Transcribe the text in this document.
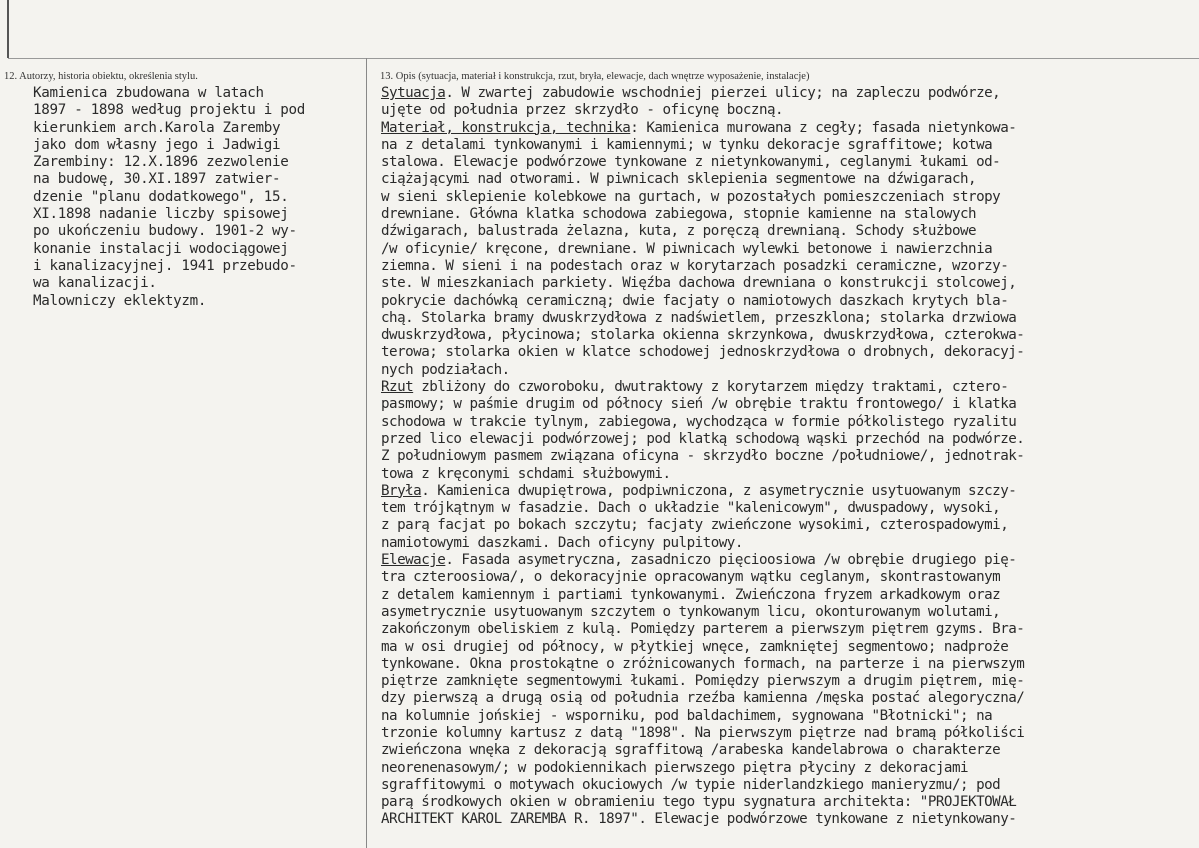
12. Autorzy, historia obiektu, określenia stylu.	13. Opis (sytuacja, materiał i konstrukcja, rzut, bryła, elewacje, dach wnętrze wyposażenie, instalacje)
Kamienica zbudowana w latach
1897 - 1898 według projektu i pod
kierunkiem arch.Karola Zaremby
jako dom własny jego i Jadwigi
Zarembiny: 12.X.1896 zezwolenie
na budowę, 30.XI.1897 zatwier-
dzenie "planu dodatkowego", 15.
XI.1898 nadanie liczby spisowej
po ukończeniu budowy. 1901-2 wy-
konanie instalacji wodociągowej
i kanalizacyjnej. 1941 przebudo-
wa kanalizacji.
Malowniczy eklektyzm.
Sytuacja. W zwartej zabudowie wschodniej pierzei ulicy; na zapleczu podwórze,
ujęte od południa przez skrzydło - oficynę boczną.
Materiał, konstrukcja, technika: Kamienica murowana z cegły; fasada nietynkowa-
na z detalami tynkowanymi i kamiennymi; w tynku dekoracje sgraffitowe; kotwa
stalowa. Elewacje podwórzowe tynkowane z nietynkowanymi, ceglanymi łukami od-
ciążającymi nad otworami. W piwnicach sklepienia segmentowe na dźwigarach,
w sieni sklepienie kolebkowe na gurtach, w pozostałych pomieszczeniach stropy
drewniane. Główna klatka schodowa zabiegowa, stopnie kamienne na stalowych
dźwigarach, balustrada żelazna, kuta, z poręczą drewnianą. Schody służbowe
/w oficynie/ kręcone, drewniane. W piwnicach wylewki betonowe i nawierzchnia
ziemna. W sieni i na podestach oraz w korytarzach posadzki ceramiczne, wzorzy-
ste. W mieszkaniach parkiety. Więźba dachowa drewniana o konstrukcji stolcowej,
pokrycie dachówką ceramiczną; dwie facjaty o namiotowych daszkach krytych bla-
chą. Stolarka bramy dwuskrzydłowa z nadświetlem, przeszklona; stolarka drzwiowa
dwuskrzydłowa, płycinowa; stolarka okienna skrzynkowa, dwuskrzydłowa, czterokwa-
terowa; stolarka okien w klatce schodowej jednoskrzydłowa o drobnych, dekoracyj-
nych podziałach.
Rzut zbliżony do czworoboku, dwutraktowy z korytarzem między traktami, cztero-
pasmowy; w paśmie drugim od północy sień /w obrębie traktu frontowego/ i klatka
schodowa w trakcie tylnym, zabiegowa, wychodząca w formie półkolistego ryzalitu
przed lico elewacji podwórzowej; pod klatką schodową wąski przechód na podwórze.
Z południowym pasmem związana oficyna - skrzydło boczne /południowe/, jednotrak-
towa z kręconymi schdami służbowymi.
Bryła. Kamienica dwupiętrowa, podpiwniczona, z asymetrycznie usytuowanym szczy-
tem trójkątnym w fasadzie. Dach o układzie "kalenicowym", dwuspadowy, wysoki,
z parą facjat po bokach szczytu; facjaty zwieńczone wysokimi, czterospadowymi,
namiotowymi daszkami. Dach oficyny pulpitowy.
Elewacje. Fasada asymetryczna, zasadniczo pięcioosiowa /w obrębie drugiego pię-
tra czteroosiowa/, o dekoracyjnie opracowanym wątku ceglanym, skontrastowanym
z detalem kamiennym i partiami tynkowanymi. Zwieńczona fryzem arkadkowym oraz
asymetrycznie usytuowanym szczytem o tynkowanym licu, okonturowanym wolutami,
zakończonym obeliskiem z kulą. Pomiędzy parterem a pierwszym piętrem gzyms. Bra-
ma w osi drugiej od północy, w płytkiej wnęce, zamkniętej segmentowo; nadproże
tynkowane. Okna prostokątne o zróżnicowanych formach, na parterze i na pierwszym
piętrze zamknięte segmentowymi łukami. Pomiędzy pierwszym a drugim piętrem, mię-
dzy pierwszą a drugą osią od południa rzeźba kamienna /męska postać alegoryczna/
na kolumnie jońskiej - wsporniku, pod baldachimem, sygnowana "Błotnicki"; na
trzonie kolumny kartusz z datą "1898". Na pierwszym piętrze nad bramą półkoliści
zwieńczona wnęka z dekoracją sgraffitową /arabeska kandelabrowa o charakterze
neorenenasowym/; w podokiennikach pierwszego piętra płyciny z dekoracjami
sgraffitowymi o motywach okuciowych /w typie niderlandzkiego manieryzmu/; pod
parą środkowych okien w obramieniu tego typu sygnatura architekta: "PROJEKTOWAŁ
ARCHITEKT KAROL ZAREMBA R. 1897". Elewacje podwórzowe tynkowane z nietynkowany-
